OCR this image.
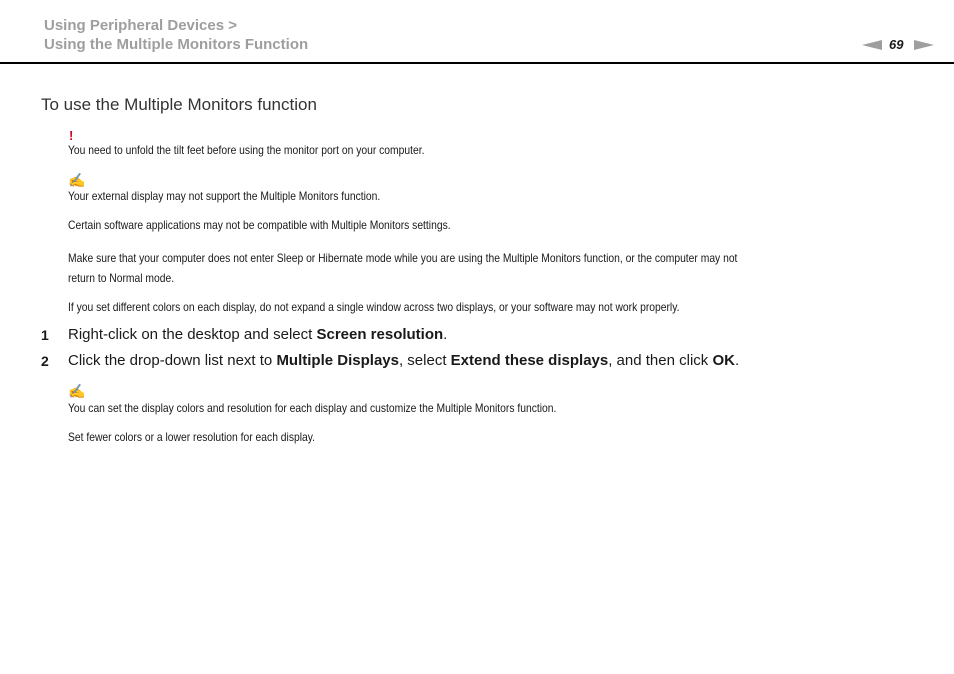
Using Peripheral Devices >
Using the Multiple Monitors Function	69
To use the Multiple Monitors function
!
You need to unfold the tilt feet before using the monitor port on your computer.
✍
Your external display may not support the Multiple Monitors function.
Certain software applications may not be compatible with Multiple Monitors settings.
Make sure that your computer does not enter Sleep or Hibernate mode while you are using the Multiple Monitors function, or the computer may not
return to Normal mode.
If you set different colors on each display, do not expand a single window across two displays, or your software may not work properly.
1 Right-click on the desktop and select Screen resolution.
2 Click the drop-down list next to Multiple Displays, select Extend these displays, and then click OK.
✍
You can set the display colors and resolution for each display and customize the Multiple Monitors function.
Set fewer colors or a lower resolution for each display.
